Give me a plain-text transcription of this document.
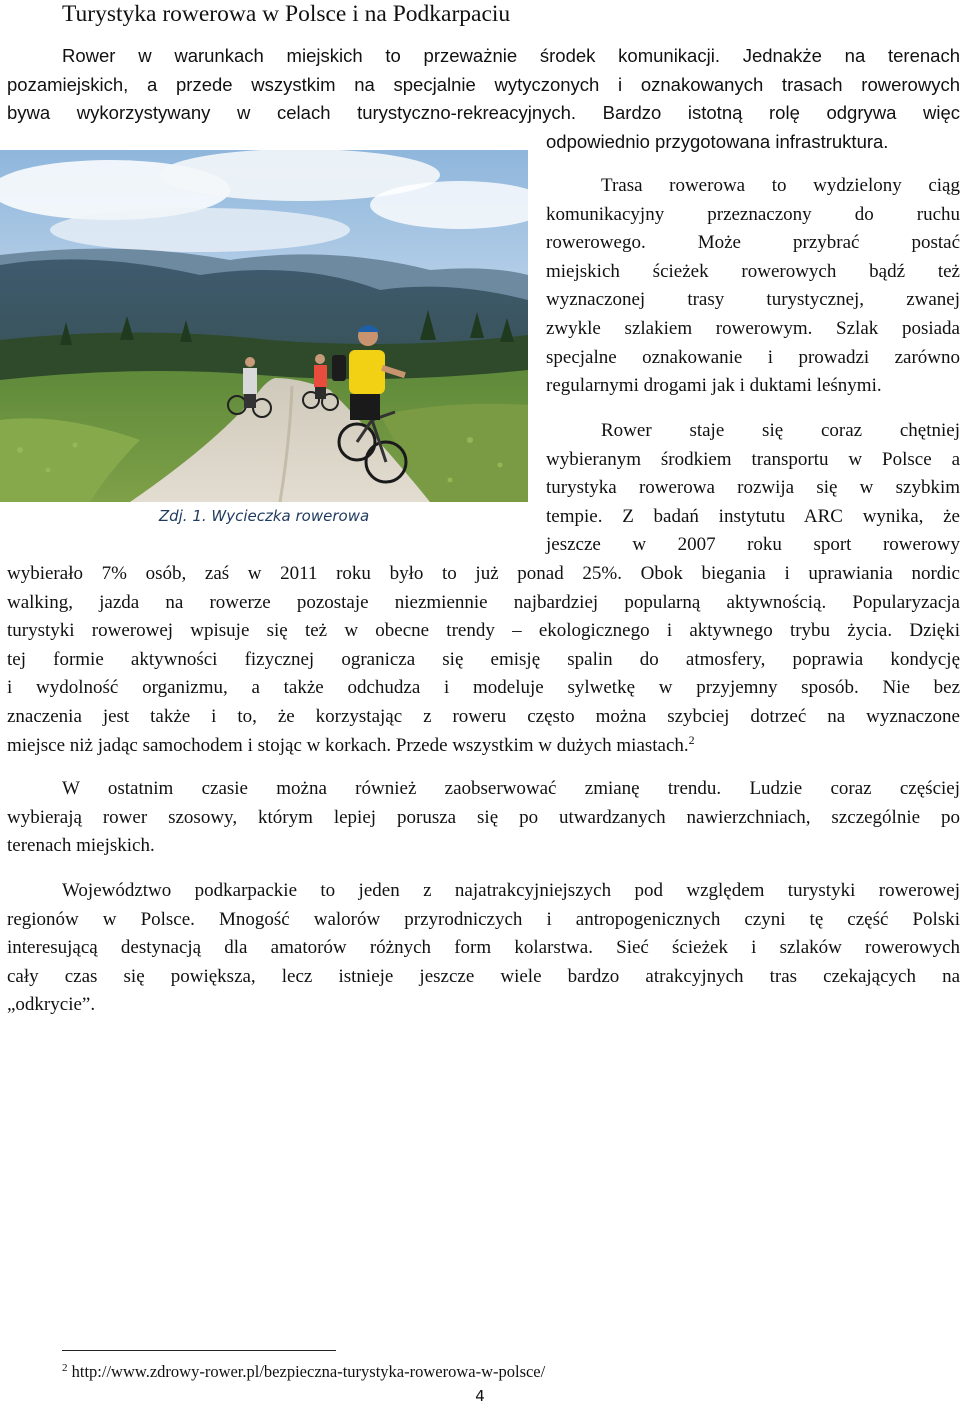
Turystyka rowerowa w Polsce i na Podkarpaciu
Rower w warunkach miejskich to przeważnie środek komunikacji. Jednakże na terenach
pozamiejskich, a przede wszystkim na specjalnie wytyczonych i oznakowanych trasach rowerowych
bywa wykorzystywany w celach turystyczno-rekreacyjnych. Bardzo istotną rolę odgrywa więc
odpowiednio przygotowana infrastruktura.
Zdj. 1. Wycieczka rowerowa
Trasa rowerowa to wydzielony ciąg
komunikacyjny przeznaczony do ruchu
rowerowego. Może przybrać postać
miejskich ścieżek rowerowych bądź też
wyznaczonej trasy turystycznej, zwanej
zwykle szlakiem rowerowym. Szlak posiada
specjalne oznakowanie i prowadzi zarówno
regularnymi drogami jak i duktami leśnymi.
Rower staje się coraz chętniej
wybieranym środkiem transportu w Polsce a
turystyka rowerowa rozwija się w szybkim
tempie. Z badań instytutu ARC wynika, że
jeszcze w 2007 roku sport rowerowy
wybierało 7% osób, zaś w 2011 roku było to już ponad 25%. Obok biegania i uprawiania nordic
walking, jazda na rowerze pozostaje niezmiennie najbardziej popularną aktywnością. Popularyzacja
turystyki rowerowej wpisuje się też w obecne trendy – ekologicznego i aktywnego trybu życia. Dzięki
tej formie aktywności fizycznej ogranicza się emisję spalin do atmosfery, poprawia kondycję
i wydolność organizmu, a także odchudza i modeluje sylwetkę w przyjemny sposób. Nie bez
znaczenia jest także i to, że korzystając z roweru często można szybciej dotrzeć na wyznaczone
miejsce niż jadąc samochodem i stojąc w korkach. Przede wszystkim w dużych miastach.$^2$
W ostatnim czasie można również zaobserwować zmianę trendu. Ludzie coraz częściej
wybierają rower szosowy, którym lepiej porusza się po utwardzanych nawierzchniach, szczególnie po
terenach miejskich.
Województwo podkarpackie to jeden z najatrakcyjniejszych pod względem turystyki rowerowej
regionów w Polsce. Mnogość walorów przyrodniczych i antropogenicznych czyni tę część Polski
interesującą destynacją dla amatorów różnych form kolarstwa. Sieć ścieżek i szlaków rowerowych
cały czas się powiększa, lecz istnieje jeszcze wiele bardzo atrakcyjnych tras czekających na
„odkrycie”.
$^2$ http://www.zdrowy-rower.pl/bezpieczna-turystyka-rowerowa-w-polsce/
4
